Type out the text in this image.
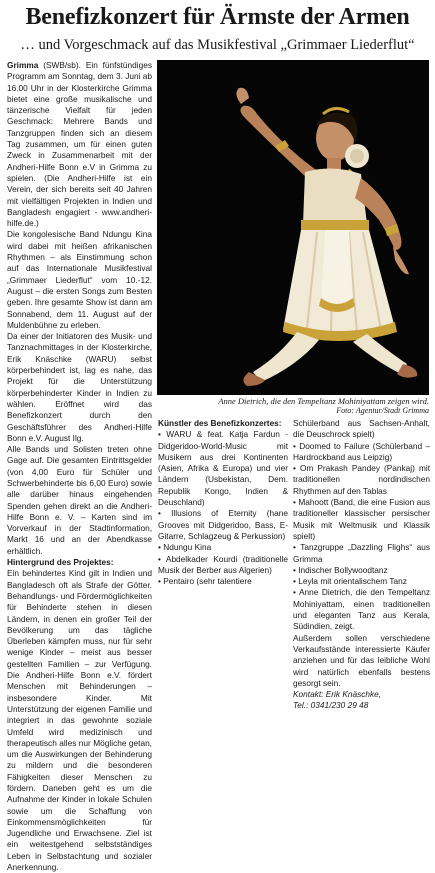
Benefizkonzert für Ärmste der Armen
… und Vorgeschmack auf das Musikfestival „Grimmaer Liederflut“

Grimma (SWB/sb). Ein fünfstündiges Programm am Sonntag, dem 3. Juni ab 16.00 Uhr in der Klosterkirche Grimma bietet eine große musikalische und tänzerische Vielfalt für jeden Geschmack: Mehrere Bands und Tanzgruppen finden sich an diesem Tag zusammen, um für einen guten Zweck in Zusammenarbeit mit der Andheri-Hilfe Bonn e.V in Grimma zu spielen. (Die Andheri-Hilfe ist ein Verein, der sich bereits seit 40 Jahren mit vielfältigen Projekten in Indien und Bangladesh engagiert - www.andheri-hilfe.de.)

Die kongolesische Band Ndungu Kina wird dabei mit heißen afrikanischen Rhythmen – als Einstimmung schon auf das Internationale Musikfestival „Grimmaer Liederflut“ vom 10.-12. August – die ersten Songs zum Besten geben. Ihre gesamte Show ist dann am Sonnabend, dem 11. August auf der Muldenbühne zu erleben.

Da einer der Initiatoren des Musik- und Tanznachmittages in der Klosterkirche, Erik Knäschke (WARU) selbst körperbehindert ist, lag es nahe, das Projekt für die Unterstützung körperbehinderter Kinder in Indien zu wählen. Eröffnet wird das Benefizkonzert durch den Geschäftsführer des Andheri-Hilfe Bonn e.V. August Ilg.

Alle Bands und Solisten treten ohne Gage auf. Die gesamten Eintrittsgelder (von 4,00 Euro für Schüler und Schwerbehinderte bis 6,00 Euro) sowie alle darüber hinaus eingehenden Spenden gehen direkt an die Andheri-Hilfe Bonn e. V. – Karten sind im Vorverkauf in der Stadtinformation, Markt 16 und an der Abendkasse erhältlich.

Hintergrund des Projektes:

Ein behindertes Kind gilt in Indien und Bangladesch oft als Strafe der Götter. Behandlungs- und Fördermöglichkeiten für Behinderte stehen in diesen Ländern, in denen ein großer Teil der Bevölkerung um das tägliche Überleben kämpfen muss, nur für sehr wenige Kinder – meist aus besser gestellten Familien – zur Verfügung. Die Andheri-Hilfe Bonn e.V. fördert Menschen mit Behinderungen – insbesondere Kinder. Mit Unterstützung der eigenen Familie und integriert in das gewohnte soziale Umfeld wird medizinisch und therapeutisch alles nur Mögliche getan, um die Auswirkungen der Behinderung zu mildern und die besonderen Fähigkeiten dieser Menschen zu fördern. Daneben geht es um die Aufnahme der Kinder in lokale Schulen sowie um die Schaffung von Einkommensmöglichkeiten für Jugendliche und Erwachsene. Ziel ist ein weitestgehend selbstständiges Leben in Selbstachtung und sozialer Anerkennung.

Anne Dietrich, die den Tempeltanz Mohiniyattam zeigen wird.
Foto: Agentur/Stadt Grimma

Künstler des Benefizkonzertes:

• WARU & feat. Katja Fardun - Didgeridoo-World-Music mit Musikern aus drei Kontinenten (Asien, Afrika & Europa) und vier Ländern (Usbekistan, Dem. Republik Kongo, Indien & Deuschland)

• Illusions of Eternity (hane Grooves mit Didgeridoo, Bass, E-Gitarre, Schlagzeug & Perkussion)

• Ndungu Kina

• Abdelkader Kourdi (traditionelle Musik der Berber aus Algerien)

• Pentairo (sehr talentiere

Schülerband aus Sachsen-Anhalt, die Deuschrock spielt)

• Doomed to Failure (Schülerband – Hardrockband aus Leipzig)

• Om Prakash Pandey (Pankaj) mit traditionellen nordindischen Rhythmen auf den Tablas

• Mahoott (Band, die eine Fusion aus traditioneller klassischer persischer Musik mit Weltmusik und Klassik spielt)

• Tanzgruppe „Dazzling Flighs“ aus Grimma

• Indischer Bollywoodtanz

• Leyla mit orientalischem Tanz

• Anne Dietrich, die den Tempeltanz Mohiniyattam, einen traditionellen und eleganten Tanz aus Kerala, Südindien, zeigt.

Außerdem sollen verschiedene Verkaufsstände interessierte Käufer anziehen und für das leibliche Wohl wird natürlich ebenfalls bestens gesorgt sein.

Kontakt: Erik Knäschke,

Tel.: 0341/230 29 48
